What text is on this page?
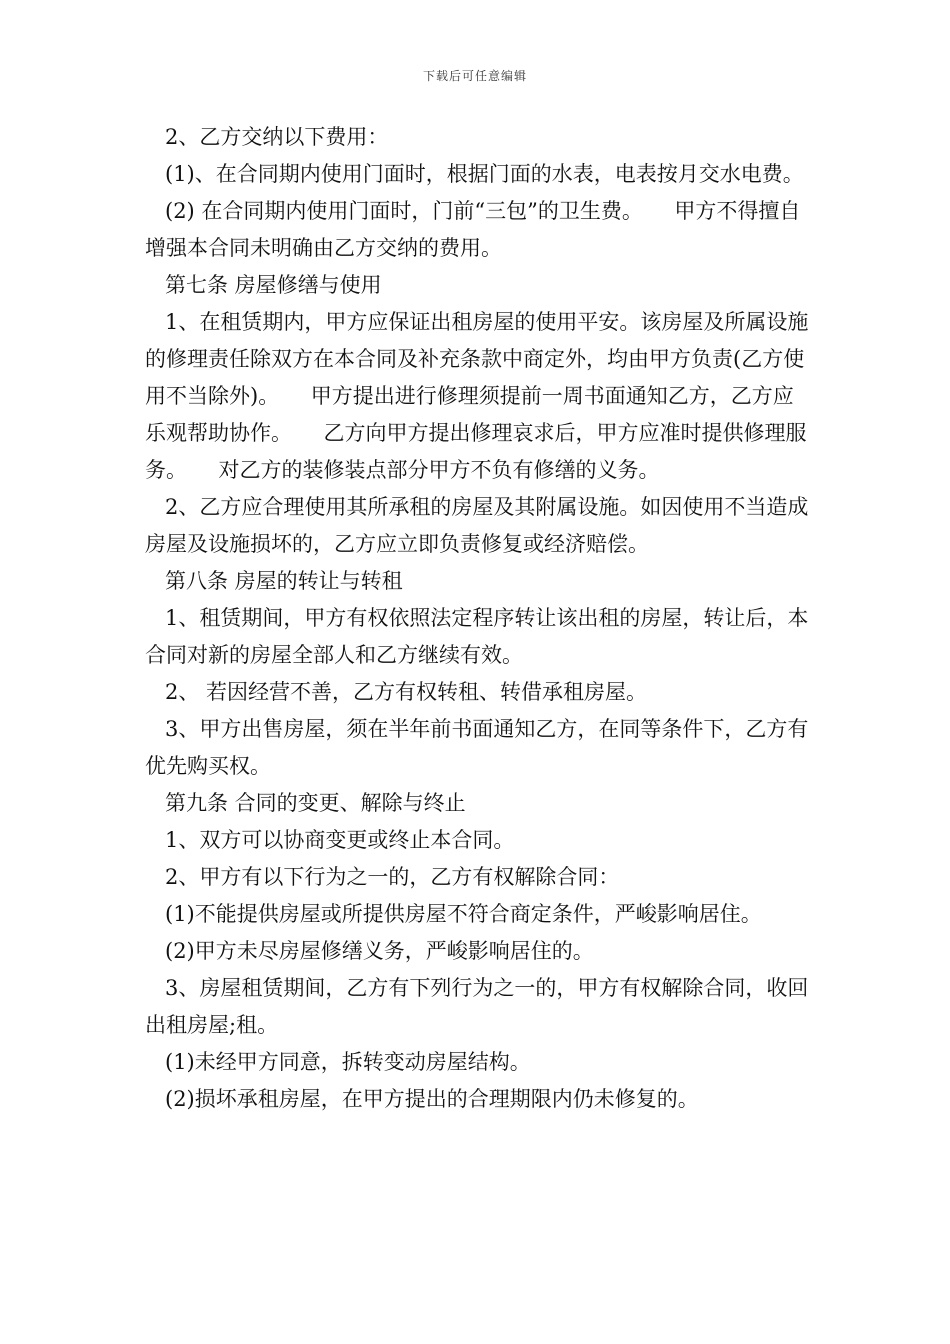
下载后可任意编辑

2、乙方交纳以下费用：

(1)、在合同期内使用门面时，根据门面的水表，电表按月交水电费。

(2) 在合同期内使用门面时，门前“三包”的卫生费。　　甲方不得擅自增强本合同未明确由乙方交纳的费用。

第七条 房屋修缮与使用

1、在租赁期内，甲方应保证出租房屋的使用平安。该房屋及所属设施的修理责任除双方在本合同及补充条款中商定外，均由甲方负责(乙方使用不当除外)。　　甲方提出进行修理须提前一周书面通知乙方，乙方应乐观帮助协作。　　乙方向甲方提出修理哀求后，甲方应准时提供修理服务。　　对乙方的装修装点部分甲方不负有修缮的义务。

2、乙方应合理使用其所承租的房屋及其附属设施。如因使用不当造成房屋及设施损坏的，乙方应立即负责修复或经济赔偿。

第八条 房屋的转让与转租

1、租赁期间，甲方有权依照法定程序转让该出租的房屋，转让后，本合同对新的房屋全部人和乙方继续有效。

2、 若因经营不善，乙方有权转租、转借承租房屋。

3、甲方出售房屋，须在半年前书面通知乙方，在同等条件下，乙方有优先购买权。

第九条 合同的变更、解除与终止

1、双方可以协商变更或终止本合同。

2、甲方有以下行为之一的，乙方有权解除合同：

(1)不能提供房屋或所提供房屋不符合商定条件，严峻影响居住。

(2)甲方未尽房屋修缮义务，严峻影响居住的。

3、房屋租赁期间，乙方有下列行为之一的，甲方有权解除合同，收回出租房屋;租。

(1)未经甲方同意，拆转变动房屋结构。

(2)损坏承租房屋，在甲方提出的合理期限内仍未修复的。
